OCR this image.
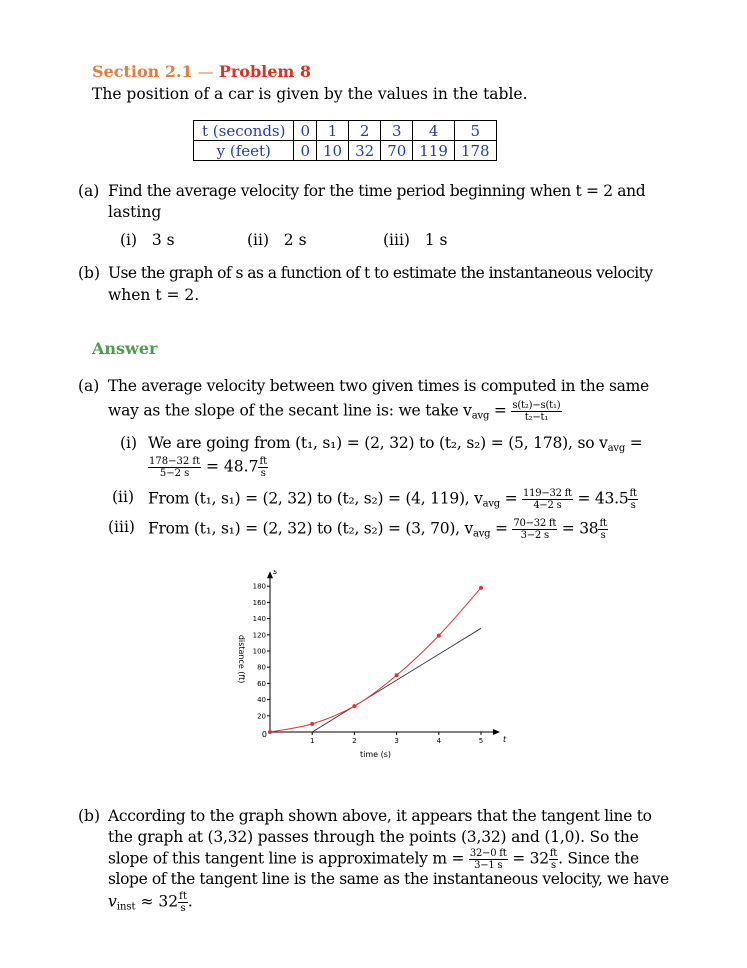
Section 2.1 — Problem 8
The position of a car is given by the values in the table.
t (seconds)	0	1	2	3	4	5
y (feet)	0	10	32	70	119	178
(a) Find the average velocity for the time period beginning when t = 2 and
lasting
(i)   3 s	(ii)   2 s	(iii)   1 s
(b) Use the graph of s as a function of t to estimate the instantaneous velocity
when t = 2.
Answer
(a) The average velocity between two given times is computed in the same
way as the slope of the secant line is: we take $v_{avg} = \frac{\text{s(t₂)−s(t₁)}}{\text{t₂−t₁}}$
(i) We are going from (t₁, s₁) = (2, 32) to (t₂, s₂) = (5, 178), so $v_{avg}$ =
$\frac{178-32 ft}{5-2 s} = 48.7 \frac{ft}{s}$
(ii) From (t₁, s₁) = (2, 32) to (t₂, s₂) = (4, 119), $v_{avg} = \frac{119-32 ft}{4-2 s} = 43.5 \frac{ft}{s}$
(iii) From (t₁, s₁) = (2, 32) to (t₂, s₂) = (3, 70), $v_{avg} = \frac{70-32 ft}{3-2 s} = 38 \frac{ft}{s}$
1	2	3	4	5
20
40
60
80
100
120
140
160
180
0
t
s
time (s)
distance (ft)
(b) According to the graph shown above, it appears that the tangent line to
the graph at (3,32) passes through the points (3,32) and (1,0). So the
slope of this tangent line is approximately $m = \frac{32-0 ft}{3-1 s} = 32 \frac{ft}{s}$ . Since the
slope of the tangent line is the same as the instantaneous velocity, we have
$v_{inst} \approx 32 \frac{ft}{s}$ .
